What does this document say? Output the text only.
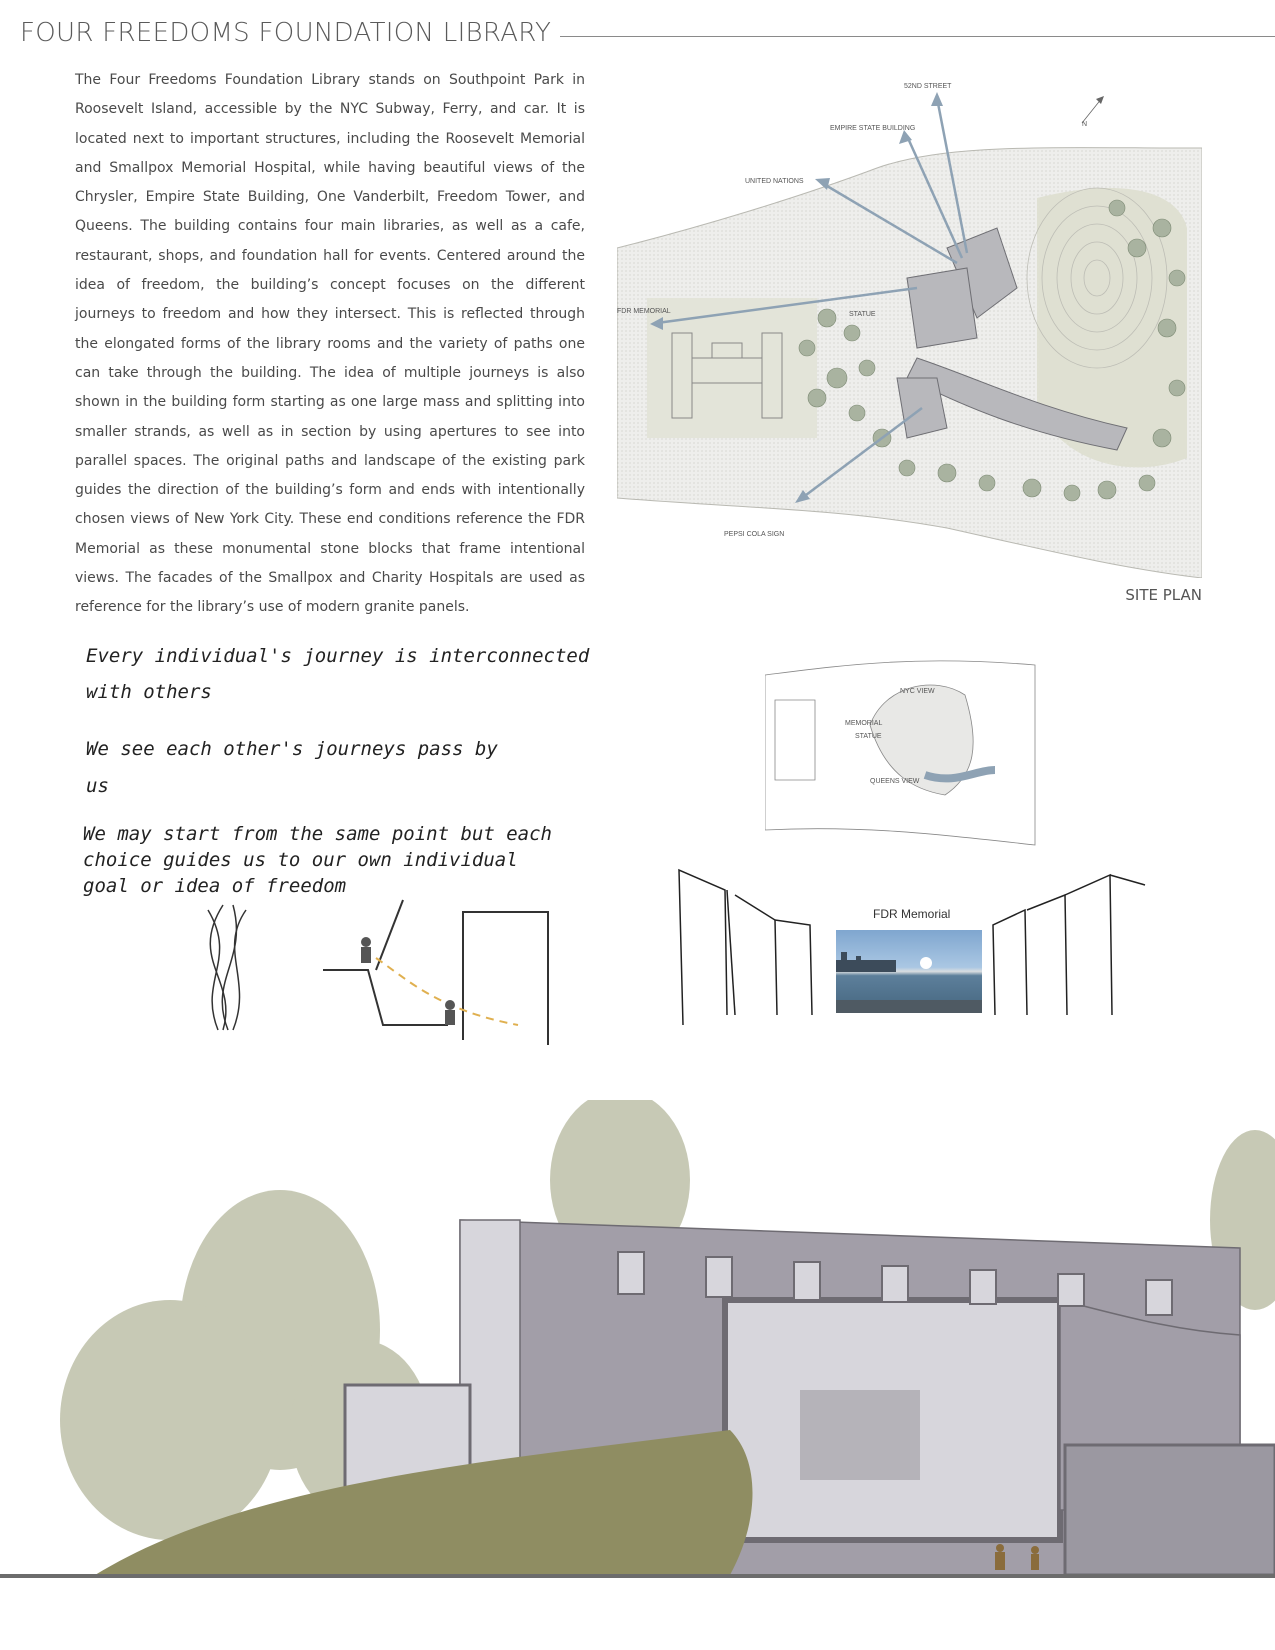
FOUR FREEDOMS FOUNDATION LIBRARY

The Four Freedoms Foundation Library stands on Southpoint Park in Roosevelt Island, accessible by the NYC Subway, Ferry, and car. It is located next to important structures, including the Roosevelt Memorial and Smallpox Memorial Hospital, while having beautiful views of the Chrysler, Empire State Building, One Vanderbilt, Freedom Tower, and Queens. The building contains four main libraries, as well as a cafe, restaurant, shops, and foundation hall for events. Centered around the idea of freedom, the building’s concept focuses on the different journeys to freedom and how they intersect. This is reflected through the elongated forms of the library rooms and the variety of paths one can take through the building. The idea of multiple journeys is also shown in the building form starting as one large mass and splitting into smaller strands, as well as in section by using apertures to see into parallel spaces. The original paths and landscape of the existing park guides the direction of the building’s form and ends with intentionally chosen views of New York City. These end conditions reference the FDR Memorial as these monumental stone blocks that frame intentional views. The facades of the Smallpox and Charity Hospitals are used as reference for the library’s use of modern granite panels.

52ND STREET
EMPIRE STATE BUILDING
UNITED NATIONS
FDR MEMORIAL	STATUE
PEPSI COLA SIGN
N
SITE PLAN
Every individual's journey is interconnected
with others
We see each other's journeys pass by
us
We may start from the same point but each
choice guides us to our own individual
goal or idea of freedom
NYC VIEW
MEMORIAL
STATUE
QUEENS VIEW
FDR Memorial
